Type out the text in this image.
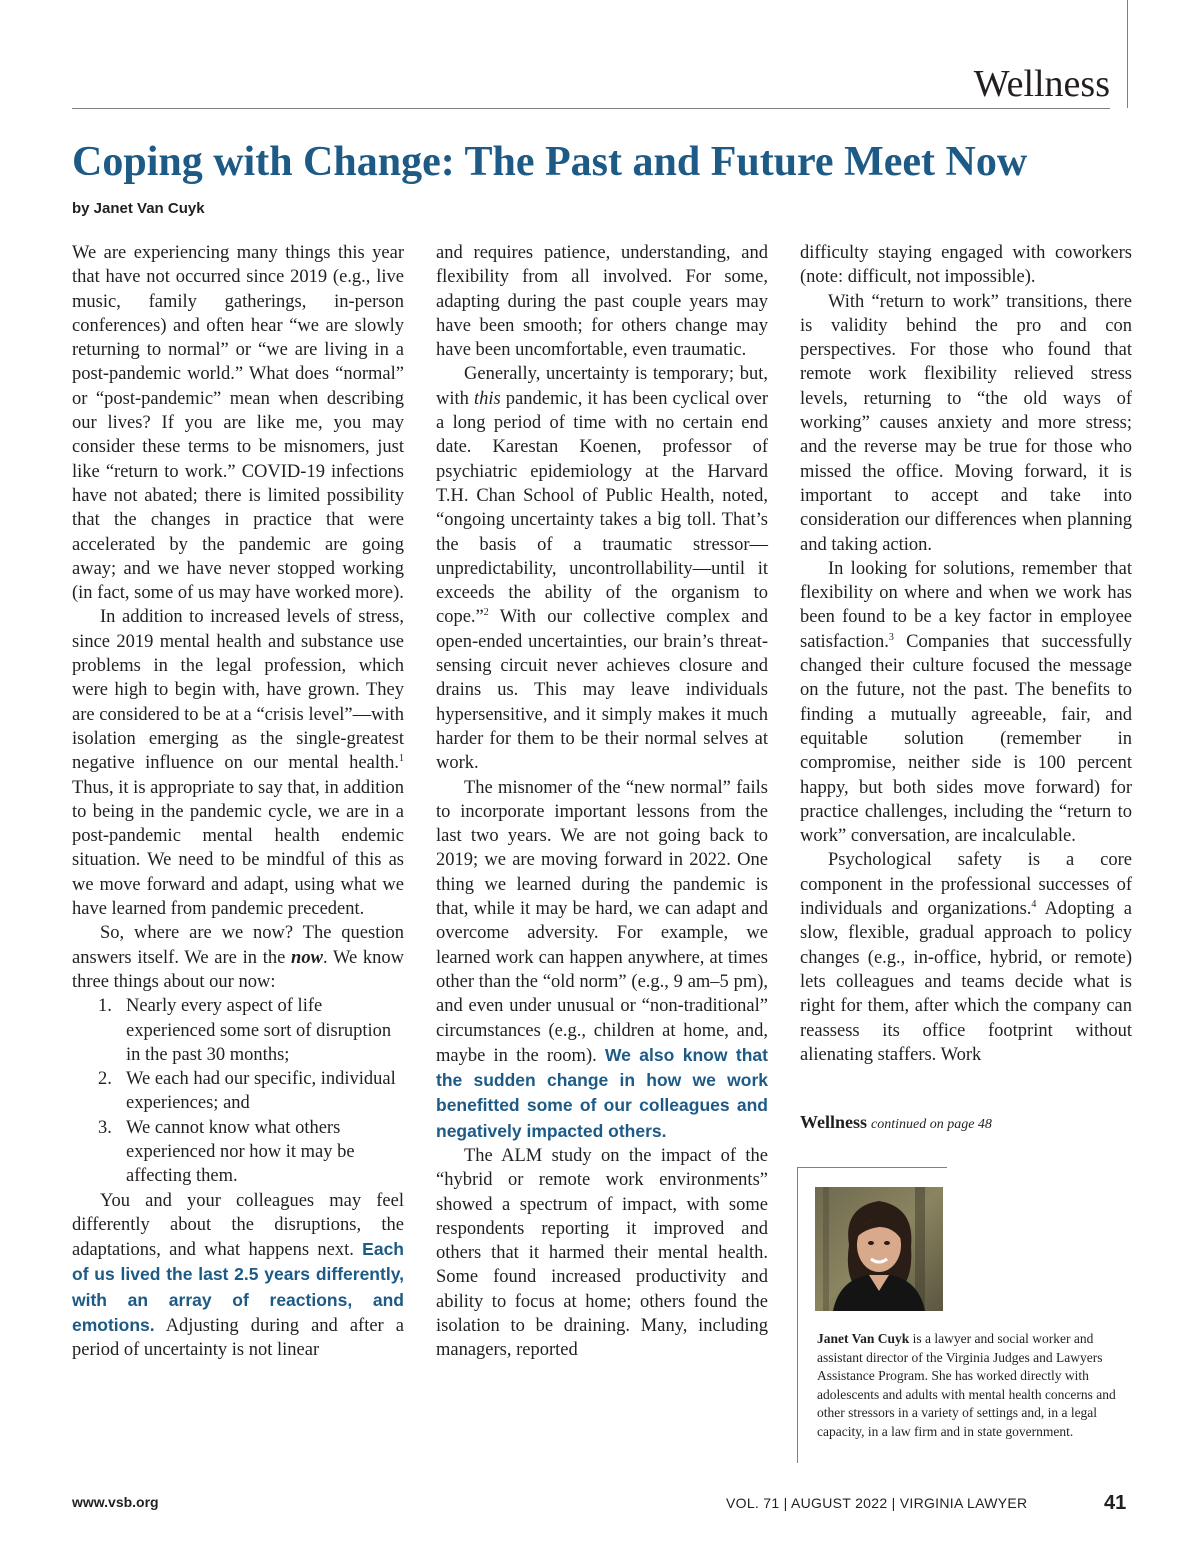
Wellness
Coping with Change: The Past and Future Meet Now
by Janet Van Cuyk

We are experiencing many things this year that have not occurred since 2019 (e.g., live music, family gatherings, in-person conferences) and often hear “we are slowly returning to normal” or “we are living in a post-pandemic world.” What does “normal” or “post-pandemic” mean when describing our lives? If you are like me, you may consider these terms to be misnomers, just like “return to work.” COVID-19 infections have not abated; there is limited possibility that the changes in practice that were accelerated by the pandemic are going away; and we have never stopped working (in fact, some of us may have worked more).

In addition to increased levels of stress, since 2019 mental health and substance use problems in the legal profession, which were high to begin with, have grown. They are considered to be at a “crisis level”—with isolation emerging as the single-greatest negative influence on our mental health.$^1$ Thus, it is appropriate to say that, in addition to being in the pandemic cycle, we are in a post-pandemic mental health endemic situation. We need to be mindful of this as we move forward and adapt, using what we have learned from pandemic precedent.

So, where are we now? The question answers itself. We are in the now. We know three things about our now:

1. Nearly every aspect of life experienced some sort of disruption in the past 30 months;
2. We each had our specific, individual experiences; and
3. We cannot know what others experienced nor how it may be affecting them.

You and your colleagues may feel differently about the disruptions, the adaptations, and what happens next. Each of us lived the last 2.5 years differently, with an array of reactions, and emotions. Adjusting during and after a period of uncertainty is not linear

and requires patience, understanding, and flexibility from all involved. For some, adapting during the past couple years may have been smooth; for others change may have been uncomfortable, even traumatic.

Generally, uncertainty is temporary; but, with this pandemic, it has been cyclical over a long period of time with no certain end date. Karestan Koenen, professor of psychiatric epidemiology at the Harvard T.H. Chan School of Public Health, noted, “ongoing uncertainty takes a big toll. That’s the basis of a traumatic stressor—unpredictability, uncontrollability—until it exceeds the ability of the organism to cope.”$^2$ With our collective complex and open-ended uncertainties, our brain’s threat-sensing circuit never achieves closure and drains us. This may leave individuals hypersensitive, and it simply makes it much harder for them to be their normal selves at work.

The misnomer of the “new normal” fails to incorporate important lessons from the last two years. We are not going back to 2019; we are moving forward in 2022. One thing we learned during the pandemic is that, while it may be hard, we can adapt and overcome adversity. For example, we learned work can happen anywhere, at times other than the “old norm” (e.g., 9 am–5 pm), and even under unusual or “non-traditional” circumstances (e.g., children at home, and, maybe in the room). We also know that the sudden change in how we work benefitted some of our colleagues and negatively impacted others.

The ALM study on the impact of the “hybrid or remote work environments” showed a spectrum of impact, with some respondents reporting it improved and others that it harmed their mental health. Some found increased productivity and ability to focus at home; others found the isolation to be draining. Many, including managers, reported

difficulty staying engaged with coworkers (note: difficult, not impossible).

With “return to work” transitions, there is validity behind the pro and con perspectives. For those who found that remote work flexibility relieved stress levels, returning to “the old ways of working” causes anxiety and more stress; and the reverse may be true for those who missed the office. Moving forward, it is important to accept and take into consideration our differences when planning and taking action.

In looking for solutions, remember that flexibility on where and when we work has been found to be a key factor in employee satisfaction.$^3$ Companies that successfully changed their culture focused the message on the future, not the past. The benefits to finding a mutually agreeable, fair, and equitable solution (remember in compromise, neither side is 100 percent happy, but both sides move forward) for practice challenges, including the “return to work” conversation, are incalculable.

Psychological safety is a core component in the professional successes of individuals and organizations.$^4$ Adopting a slow, flexible, gradual approach to policy changes (e.g., in-office, hybrid, or remote) lets colleagues and teams decide what is right for them, after which the company can reassess its office footprint without alienating staffers. Work

Wellness continued on page 48
Janet Van Cuyk is a lawyer and social worker and assistant director of the Virginia Judges and Lawyers Assistance Program. She has worked directly with adolescents and adults with mental health concerns and other stressors in a variety of settings and, in a legal capacity, in a law firm and in state government.
www.vsb.org	VOL. 71 | AUGUST 2022 | VIRGINIA LAWYER	41
